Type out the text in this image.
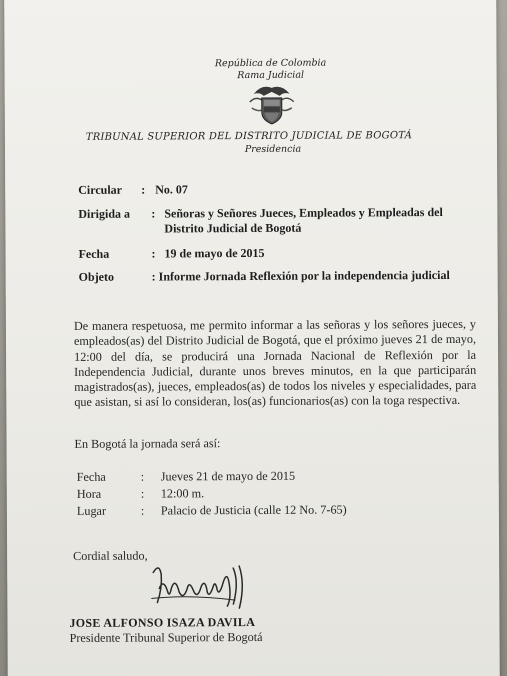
República de Colombia
Rama Judicial
TRIBUNAL SUPERIOR DEL DISTRITO JUDICIAL DE BOGOTÁ
Presidencia
Circular : No. 07
Dirigida a : Señoras y Señores Jueces, Empleados y Empleadas del
Distrito Judicial de Bogotá
Fecha	: 19 de mayo de 2015
Objeto	: Informe Jornada Reflexión por la independencia judicial
De manera respetuosa, me permito informar a las señoras y los señores jueces, y empleados(as) del Distrito Judicial de Bogotá, que el próximo jueves 21 de mayo, 12:00 del día, se producirá una Jornada Nacional de Reflexión por la Independencia Judicial, durante unos breves minutos, en la que participarán magistrados(as), jueces, empleados(as) de todos los niveles y especialidades, para que asistan, si así lo consideran, los(as) funcionarios(as) con la toga respectiva.
En Bogotá la jornada será así:
Fecha	: Jueves 21 de mayo de 2015
Hora	: 12:00 m.
Lugar	: Palacio de Justicia (calle 12 No. 7-65)
Cordial saludo,
JOSE ALFONSO ISAZA DAVILA
Presidente Tribunal Superior de Bogotá
